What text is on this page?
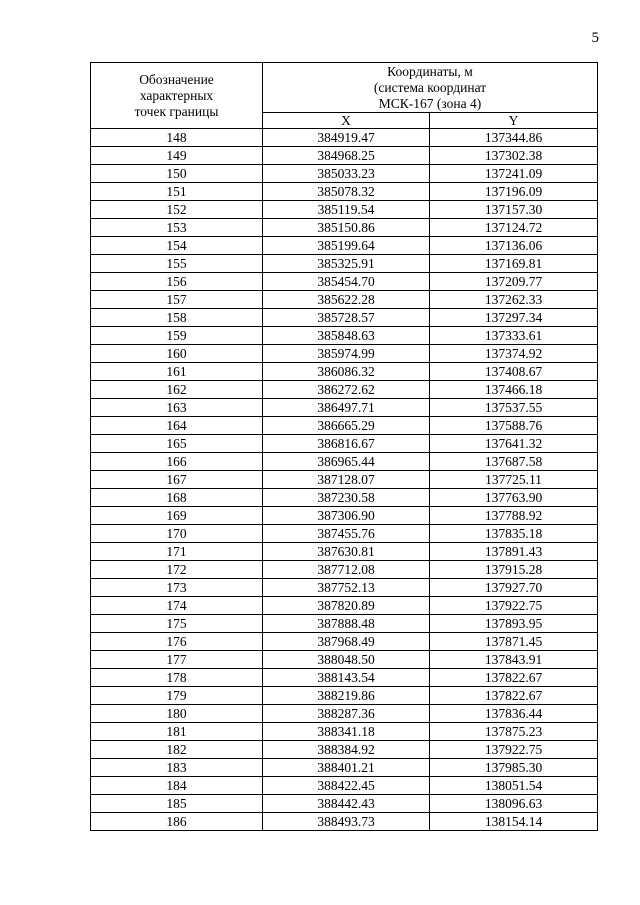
5
Обозначение
характерных
точек границы	Координаты, м
(система координат
МСК-167 (зона 4)	
	X	Y
148	384919.47	137344.86
149	384968.25	137302.38
150	385033.23	137241.09
151	385078.32	137196.09
152	385119.54	137157.30
153	385150.86	137124.72
154	385199.64	137136.06
155	385325.91	137169.81
156	385454.70	137209.77
157	385622.28	137262.33
158	385728.57	137297.34
159	385848.63	137333.61
160	385974.99	137374.92
161	386086.32	137408.67
162	386272.62	137466.18
163	386497.71	137537.55
164	386665.29	137588.76
165	386816.67	137641.32
166	386965.44	137687.58
167	387128.07	137725.11
168	387230.58	137763.90
169	387306.90	137788.92
170	387455.76	137835.18
171	387630.81	137891.43
172	387712.08	137915.28
173	387752.13	137927.70
174	387820.89	137922.75
175	387888.48	137893.95
176	387968.49	137871.45
177	388048.50	137843.91
178	388143.54	137822.67
179	388219.86	137822.67
180	388287.36	137836.44
181	388341.18	137875.23
182	388384.92	137922.75
183	388401.21	137985.30
184	388422.45	138051.54
185	388442.43	138096.63
186	388493.73	138154.14
